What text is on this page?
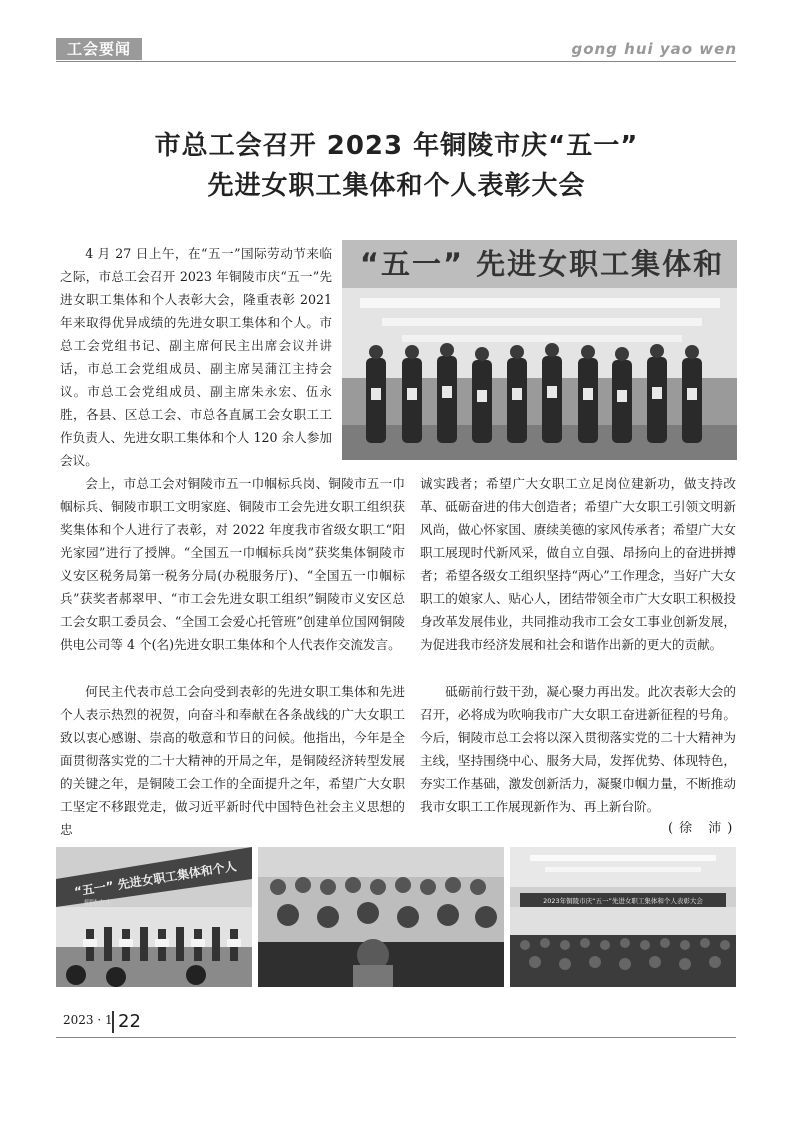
工会要闻	gong hui yao wen
市总工会召开 2023 年铜陵市庆“五一”
先进女职工集体和个人表彰大会
“五一” 先进女职工集体和

4 月 27 日上午，在“五一”国际劳动节来临之际，市总工会召开 2023 年铜陵市庆“五一”先进女职工集体和个人表彰大会，隆重表彰 2021 年来取得优异成绩的先进女职工集体和个人。市总工会党组书记、副主席何民主出席会议并讲话，市总工会党组成员、副主席吴蒲江主持会议。市总工会党组成员、副主席朱永宏、伍永胜，各县、区总工会、市总各直属工会女职工工作负责人、先进女职工集体和个人 120 余人参加会议。

会上，市总工会对铜陵市五一巾帼标兵岗、铜陵市五一巾帼标兵、铜陵市职工文明家庭、铜陵市工会先进女职工组织获奖集体和个人进行了表彰，对 2022 年度我市省级女职工“阳光家园”进行了授牌。“全国五一巾帼标兵岗”获奖集体铜陵市义安区税务局第一税务分局(办税服务厅)、“全国五一巾帼标兵”获奖者郝翠甲、“市工会先进女职工组织”铜陵市义安区总工会女职工委员会、“全国工会爱心托管班”创建单位国网铜陵供电公司等 4 个(名)先进女职工集体和个人代表作交流发言。

何民主代表市总工会向受到表彰的先进女职工集体和先进个人表示热烈的祝贺，向奋斗和奉献在各条战线的广大女职工致以衷心感谢、崇高的敬意和节日的问候。他指出，今年是全面贯彻落实党的二十大精神的开局之年，是铜陵经济转型发展的关键之年，是铜陵工会工作的全面提升之年，希望广大女职工坚定不移跟党走，做习近平新时代中国特色社会主义思想的忠

诚实践者；希望广大女职工立足岗位建新功，做支持改革、砥砺奋进的伟大创造者；希望广大女职工引领文明新风尚，做心怀家国、赓续美德的家风传承者；希望广大女职工展现时代新风采，做自立自强、昂扬向上的奋进拼搏者；希望各级女工组织坚持“两心”工作理念，当好广大女职工的娘家人、贴心人，团结带领全市广大女职工积极投身改革发展伟业，共同推动我市工会女工事业创新发展，为促进我市经济发展和社会和谐作出新的更大的贡献。

砥砺前行鼓干劲，凝心聚力再出发。此次表彰大会的召开，必将成为吹响我市广大女职工奋进新征程的号角。今后，铜陵市总工会将以深入贯彻落实党的二十大精神为主线，坚持围绕中心、服务大局，发挥优势、体现特色，夯实工作基础，激发创新活力，凝聚巾帼力量，不断推动我市女职工工作展现新作为、再上新台阶。

(徐 沛)
“五一” 先进女职工集体和个人
铜陵市庆	2023年铜陵市庆“五一”先进女职工集体和个人表彰大会
2023 · 1 22
